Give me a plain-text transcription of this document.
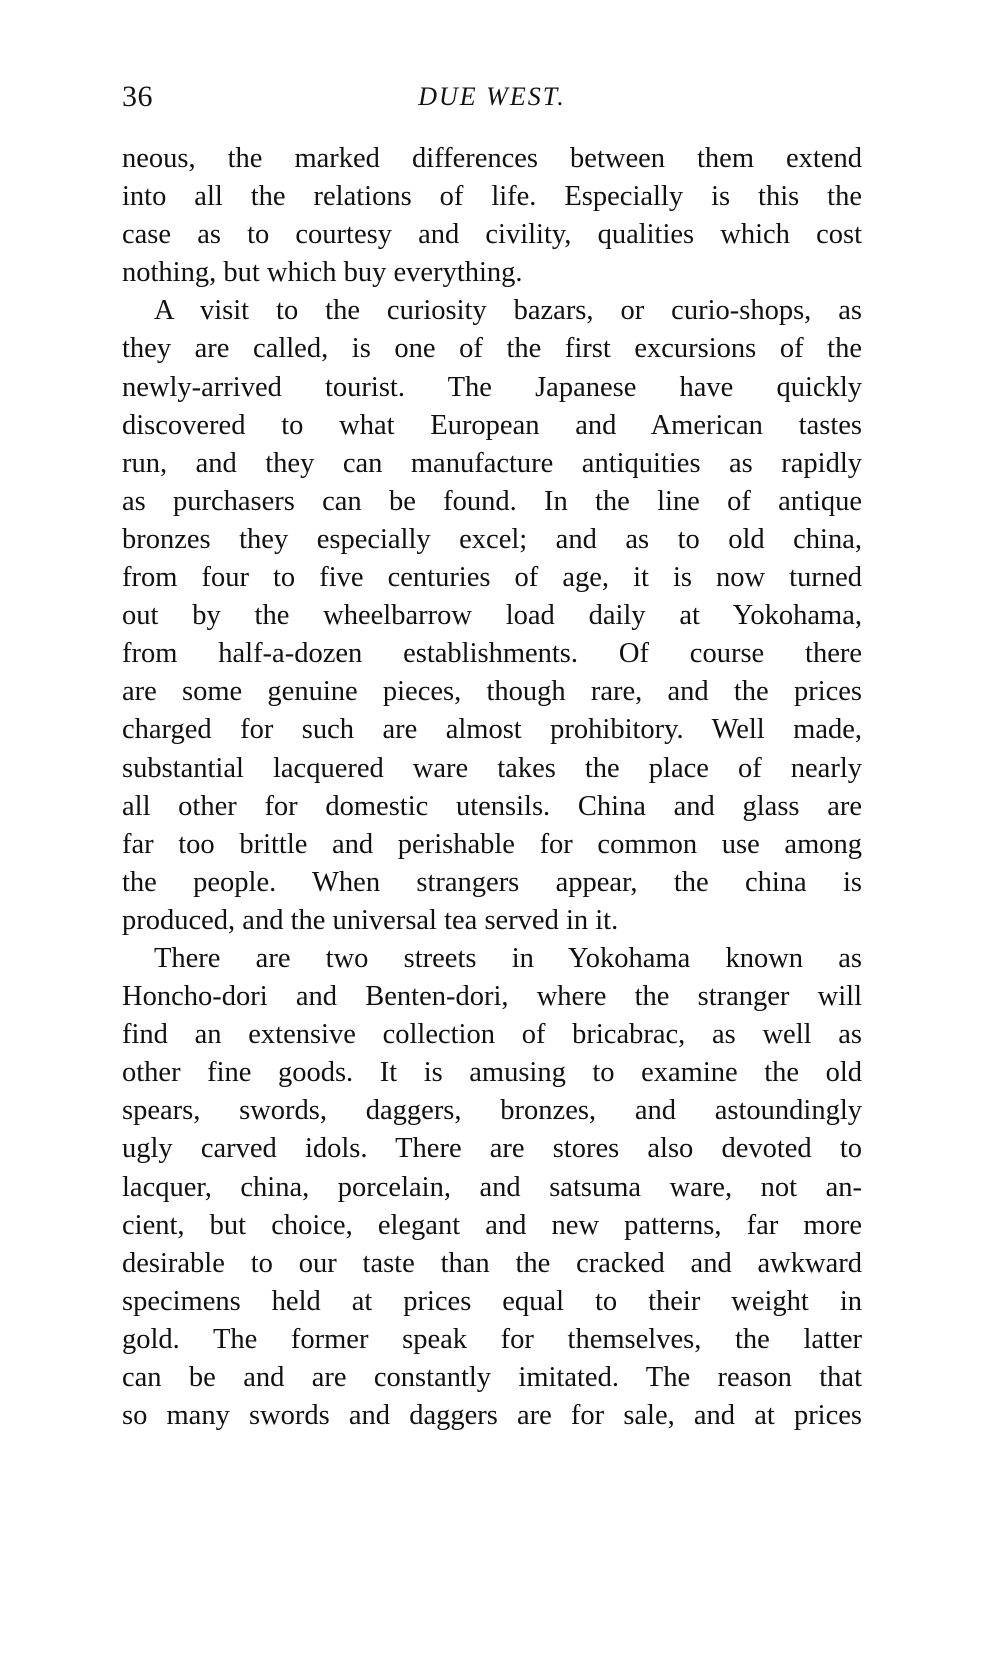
36	DUE WEST.
neous, the marked differences between them extend
into all the relations of life. Especially is this the
case as to courtesy and civility, qualities which cost
nothing, but which buy everything.
A visit to the curiosity bazars, or curio-shops, as
they are called, is one of the first excursions of the
newly-arrived tourist. The Japanese have quickly
discovered to what European and American tastes
run, and they can manufacture antiquities as rapidly
as purchasers can be found. In the line of antique
bronzes they especially excel; and as to old china,
from four to five centuries of age, it is now turned
out by the wheelbarrow load daily at Yokohama,
from half-a-dozen establishments. Of course there
are some genuine pieces, though rare, and the prices
charged for such are almost prohibitory. Well made,
substantial lacquered ware takes the place of nearly
all other for domestic utensils. China and glass are
far too brittle and perishable for common use among
the people. When strangers appear, the china is
produced, and the universal tea served in it.
There are two streets in Yokohama known as
Honcho-dori and Benten-dori, where the stranger will
find an extensive collection of bricabrac, as well as
other fine goods. It is amusing to examine the old
spears, swords, daggers, bronzes, and astoundingly
ugly carved idols. There are stores also devoted to
lacquer, china, porcelain, and satsuma ware, not an-
cient, but choice, elegant and new patterns, far more
desirable to our taste than the cracked and awkward
specimens held at prices equal to their weight in
gold. The former speak for themselves, the latter
can be and are constantly imitated. The reason that
so many swords and daggers are for sale, and at prices
